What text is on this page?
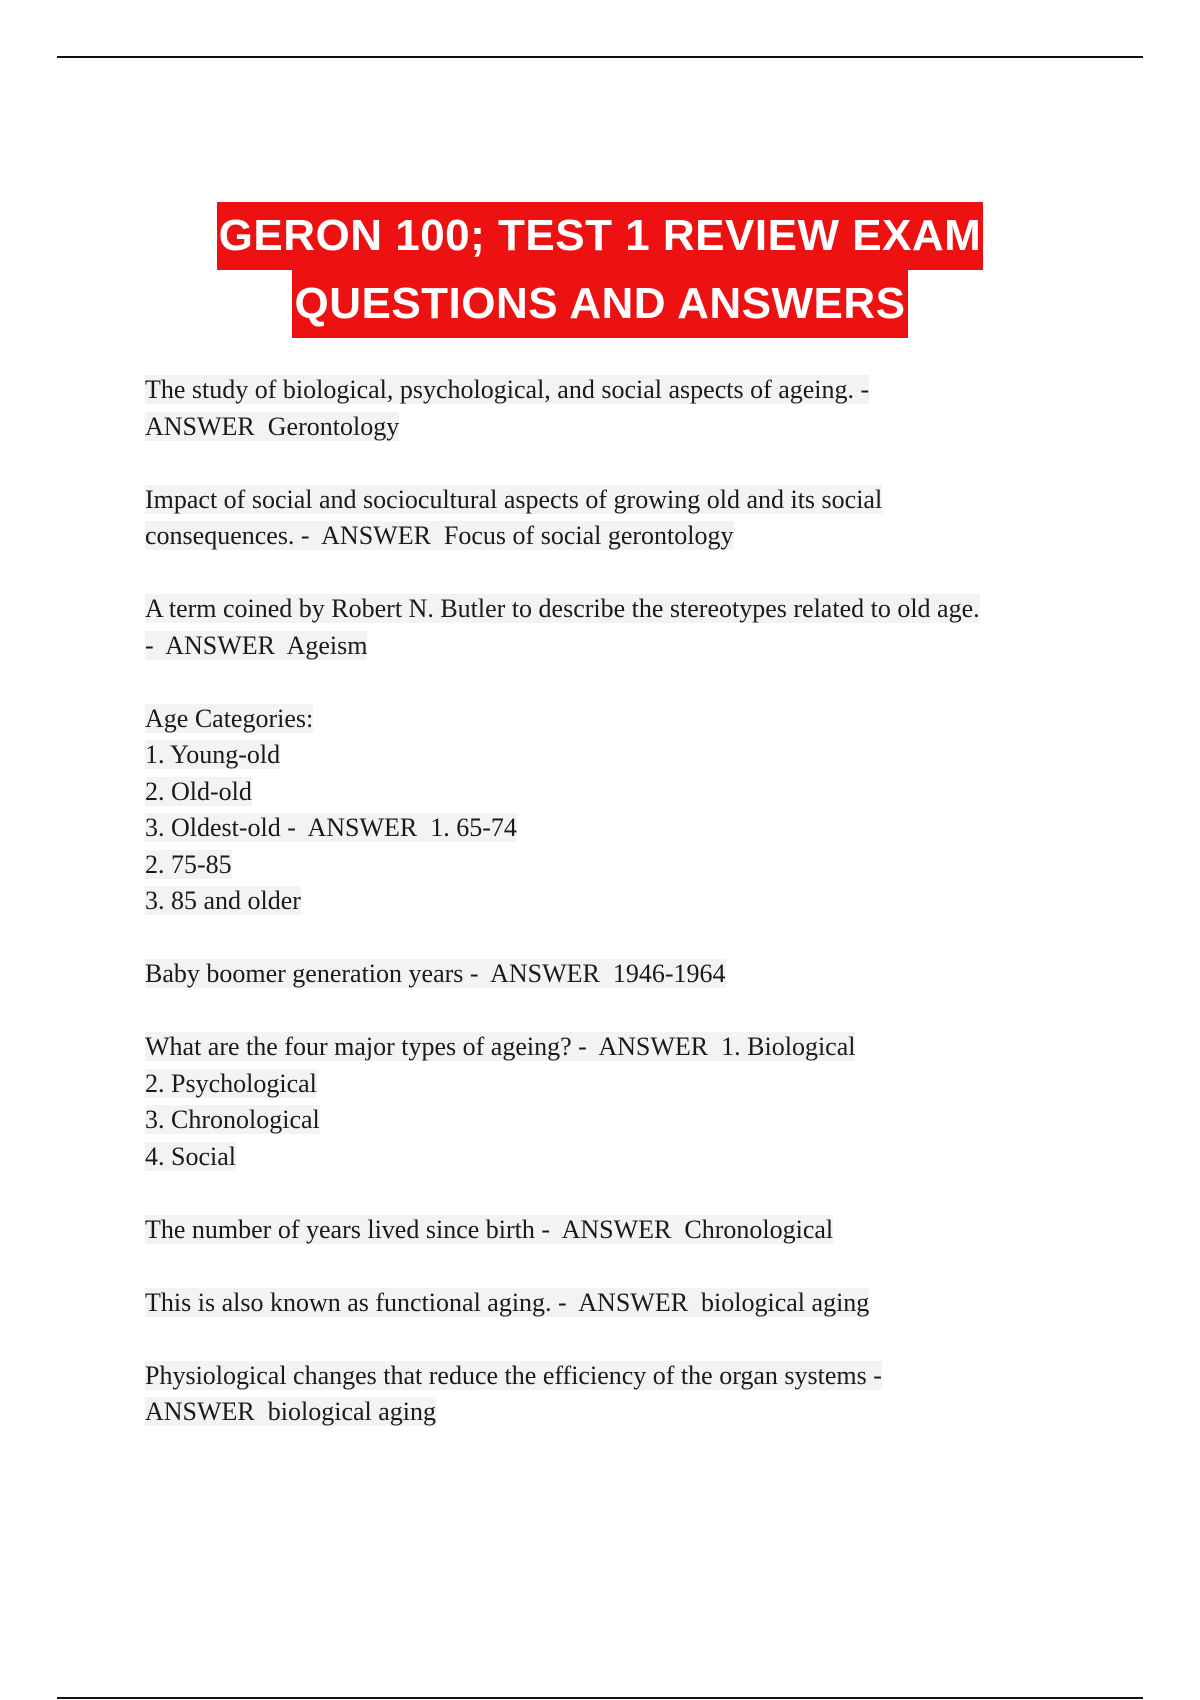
GERON 100; TEST 1 REVIEW EXAM
QUESTIONS AND ANSWERS
The study of biological, psychological, and social aspects of ageing. -
ANSWER  Gerontology
Impact of social and sociocultural aspects of growing old and its social
consequences. -  ANSWER  Focus of social gerontology
A term coined by Robert N. Butler to describe the stereotypes related to old age.
-  ANSWER  Ageism
Age Categories:
1. Young-old
2. Old-old
3. Oldest-old -  ANSWER  1. 65-74
2. 75-85
3. 85 and older
Baby boomer generation years -  ANSWER  1946-1964
What are the four major types of ageing? -  ANSWER  1. Biological
2. Psychological
3. Chronological
4. Social
The number of years lived since birth -  ANSWER  Chronological
This is also known as functional aging. -  ANSWER  biological aging
Physiological changes that reduce the efficiency of the organ systems -
ANSWER  biological aging
